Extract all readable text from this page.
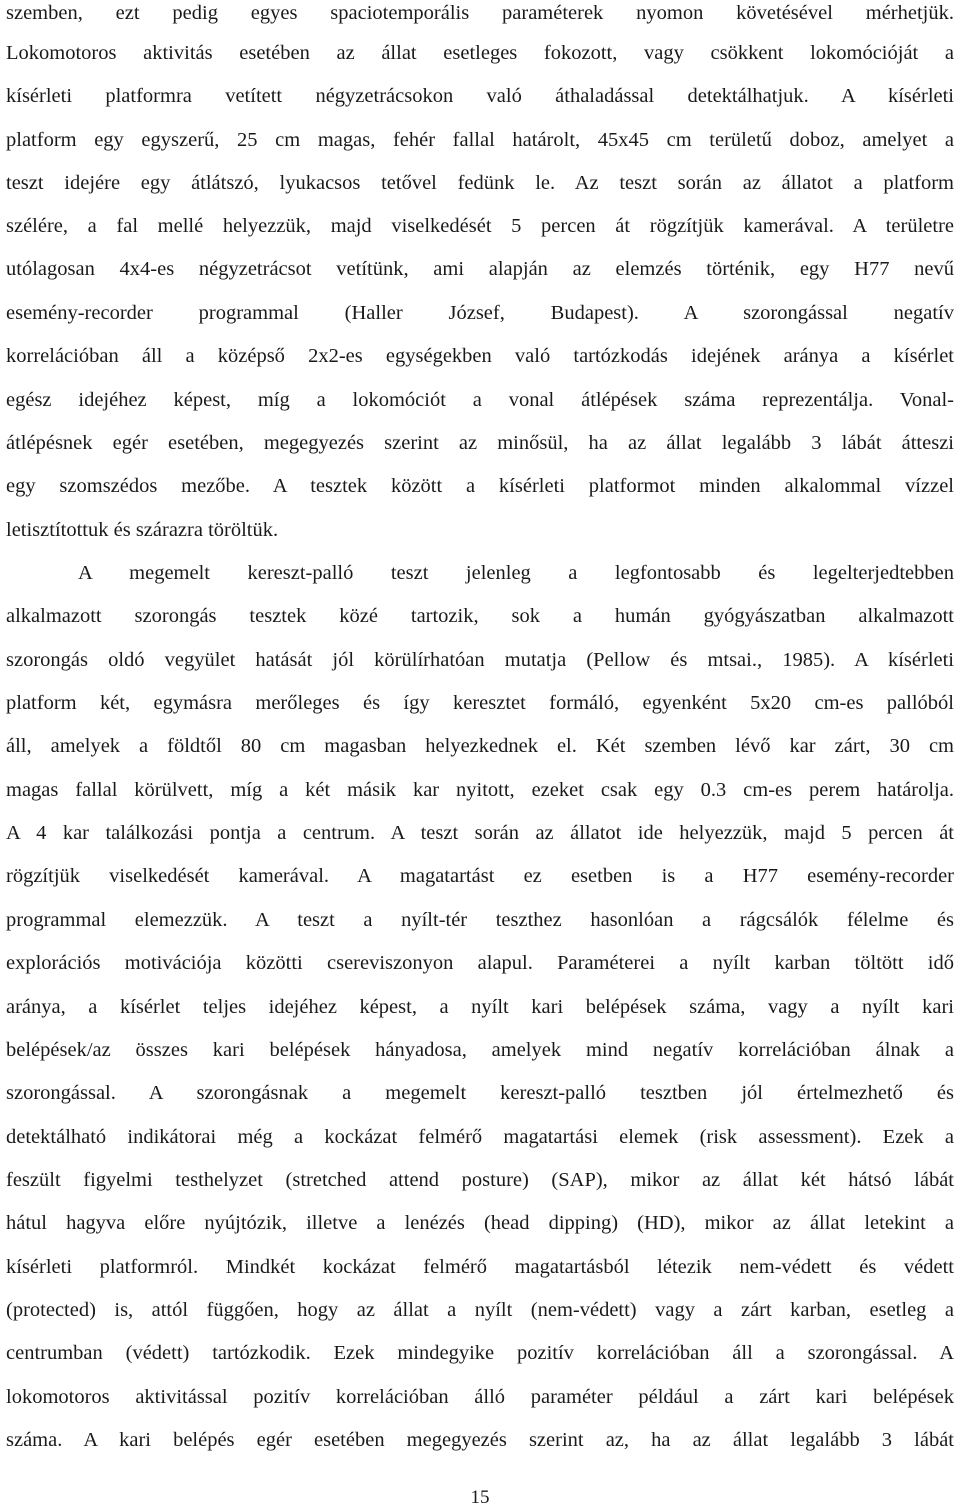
szemben, ezt pedig egyes spaciotemporális paraméterek nyomon követésével mérhetjük.
Lokomotoros aktivitás esetében az állat esetleges fokozott, vagy csökkent lokomócióját a
kísérleti platformra vetített négyzetrácsokon való áthaladással detektálhatjuk. A kísérleti
platform egy egyszerű, 25 cm magas, fehér fallal határolt, 45x45 cm területű doboz, amelyet a
teszt idejére egy átlátszó, lyukacsos tetővel fedünk le. Az teszt során az állatot a platform
szélére, a fal mellé helyezzük, majd viselkedését 5 percen át rögzítjük kamerával. A területre
utólagosan 4x4-es négyzetrácsot vetítünk, ami alapján az elemzés történik, egy H77 nevű
esemény-recorder programmal (Haller József, Budapest). A szorongással negatív
korrelációban áll a középső 2x2-es egységekben való tartózkodás idejének aránya a kísérlet
egész idejéhez képest, míg a lokomóciót a vonal átlépések száma reprezentálja. Vonal-
átlépésnek egér esetében, megegyezés szerint az minősül, ha az állat legalább 3 lábát átteszi
egy szomszédos mezőbe. A tesztek között a kísérleti platformot minden alkalommal vízzel
letisztítottuk és szárazra töröltük.
A megemelt kereszt-palló teszt jelenleg a legfontosabb és legelterjedtebben
alkalmazott szorongás tesztek közé tartozik, sok a humán gyógyászatban alkalmazott
szorongás oldó vegyület hatását jól körülírhatóan mutatja (Pellow és mtsai., 1985). A kísérleti
platform két, egymásra merőleges és így keresztet formáló, egyenként 5x20 cm-es pallóból
áll, amelyek a földtől 80 cm magasban helyezkednek el. Két szemben lévő kar zárt, 30 cm
magas fallal körülvett, míg a két másik kar nyitott, ezeket csak egy 0.3 cm-es perem határolja.
A 4 kar találkozási pontja a centrum. A teszt során az állatot ide helyezzük, majd 5 percen át
rögzítjük viselkedését kamerával. A magatartást ez esetben is a H77 esemény-recorder
programmal elemezzük. A teszt a nyílt-tér teszthez hasonlóan a rágcsálók félelme és
explorációs motivációja közötti csereviszonyon alapul. Paraméterei a nyílt karban töltött idő
aránya, a kísérlet teljes idejéhez képest, a nyílt kari belépések száma, vagy a nyílt kari
belépések/az összes kari belépések hányadosa, amelyek mind negatív korrelációban álnak a
szorongással. A szorongásnak a megemelt kereszt-palló tesztben jól értelmezhető és
detektálható indikátorai még a kockázat felmérő magatartási elemek (risk assessment). Ezek a
feszült figyelmi testhelyzet (stretched attend posture) (SAP), mikor az állat két hátsó lábát
hátul hagyva előre nyújtózik, illetve a lenézés (head dipping) (HD), mikor az állat letekint a
kísérleti platformról. Mindkét kockázat felmérő magatartásból létezik nem-védett és védett
(protected) is, attól függően, hogy az állat a nyílt (nem-védett) vagy a zárt karban, esetleg a
centrumban (védett) tartózkodik. Ezek mindegyike pozitív korrelációban áll a szorongással. A
lokomotoros aktivitással pozitív korrelációban álló paraméter például a zárt kari belépések
száma. A kari belépés egér esetében megegyezés szerint az, ha az állat legalább 3 lábát
15
